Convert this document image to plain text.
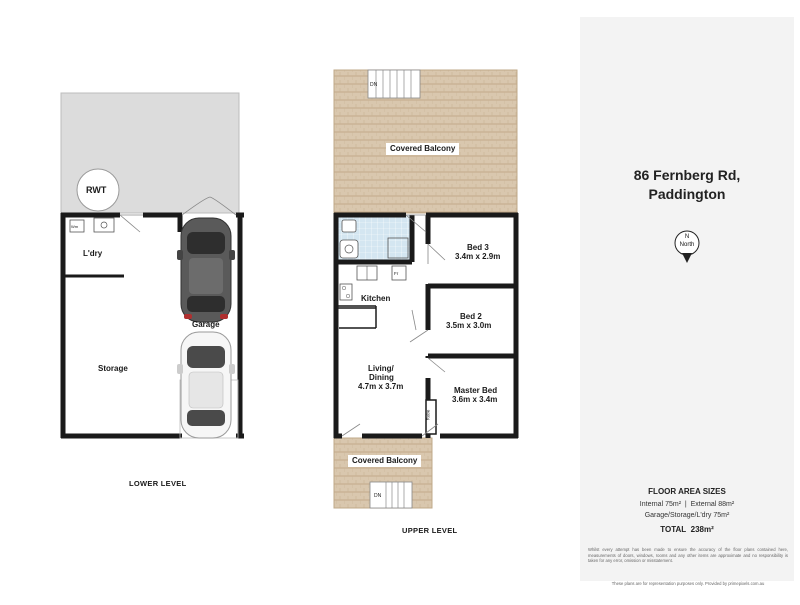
RWT
Wm
L'dry
Garage
Storage
LOWER LEVEL
DN
Covered Balcony
Bed 3
3.4m x 2.9m
Fr
Kitchen
Bed 2
3.5m x 3.0m
Living/
Dining
4.7m x 3.7m	Master Bed
3.6m x 3.4m
Robe
Covered Balcony
DN
UPPER LEVEL
86 Fernberg Rd,
Paddington
N
North
FLOOR AREA SIZES
Internal 75m² | External 88m²
Garage/Storage/L'dry 75m²
TOTAL 238m²
Whilst every attempt has been made to ensure the accuracy of the floor plans contained here, measurements of doors, windows, rooms and any other items are approximate and no responsibility is taken for any error, omission or misstatement.
These plans are for representation purposes only. Provided by primepixels.com.au
